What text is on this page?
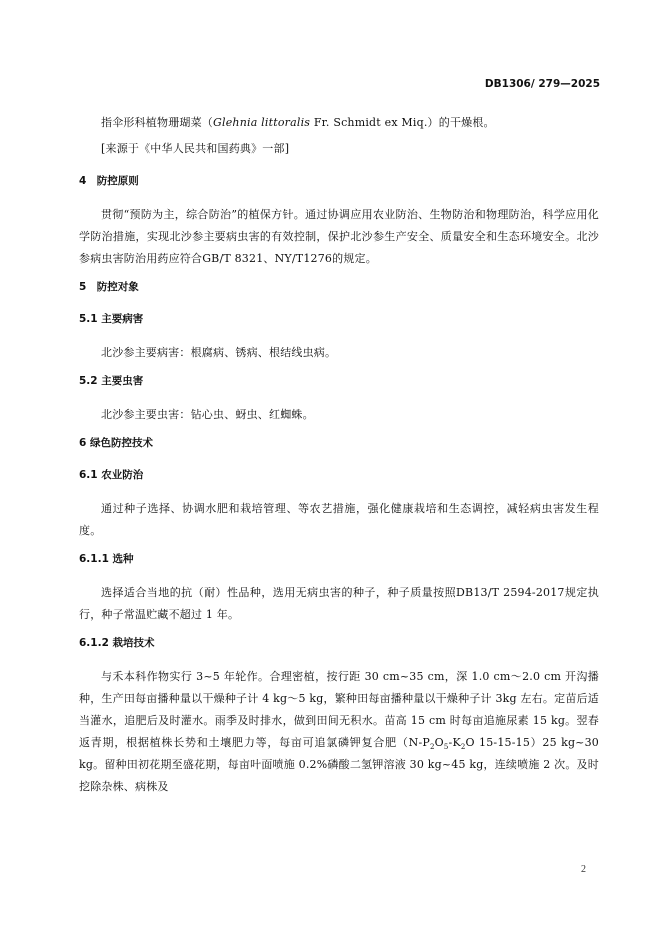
DB1306/ 279—2025

指伞形科植物珊瑚菜（Glehnia littoralis Fr. Schmidt ex Miq.）的干燥根。

[来源于《中华人民共和国药典》一部]

4　防控原则

贯彻“预防为主，综合防治”的植保方针。通过协调应用农业防治、生物防治和物理防治，科学应用化学防治措施，实现北沙参主要病虫害的有效控制，保护北沙参生产安全、质量安全和生态环境安全。北沙参病虫害防治用药应符合GB/T 8321、NY/T1276的规定。

5　防控对象
5.1 主要病害

北沙参主要病害：根腐病、锈病、根结线虫病。

5.2 主要虫害

北沙参主要虫害：钻心虫、蚜虫、红蜘蛛。

6 绿色防控技术
6.1 农业防治

通过种子选择、协调水肥和栽培管理、等农艺措施，强化健康栽培和生态调控，减轻病虫害发生程度。

6.1.1 选种

选择适合当地的抗（耐）性品种，选用无病虫害的种子，种子质量按照DB13/T 2594-2017规定执行，种子常温贮藏不超过 1 年。

6.1.2 栽培技术

与禾本科作物实行 3~5 年轮作。合理密植，按行距 30 cm~35 cm，深 1.0 cm～2.0 cm 开沟播种，生产田每亩播种量以干燥种子计 4 kg～5 kg，繁种田每亩播种量以干燥种子计 3kg 左右。定苗后适当灌水，追肥后及时灌水。雨季及时排水，做到田间无积水。苗高 15 cm 时每亩追施尿素 15 kg。翌春返青期，根据植株长势和土壤肥力等，每亩可追氯磷钾复合肥（$N-P_2O_5-K_2O$ 15-15-15）25 kg~30 kg。留种田初花期至盛花期，每亩叶面喷施 0.2%磷酸二氢钾溶液 30 kg~45 kg，连续喷施 2 次。及时挖除杂株、病株及

2
